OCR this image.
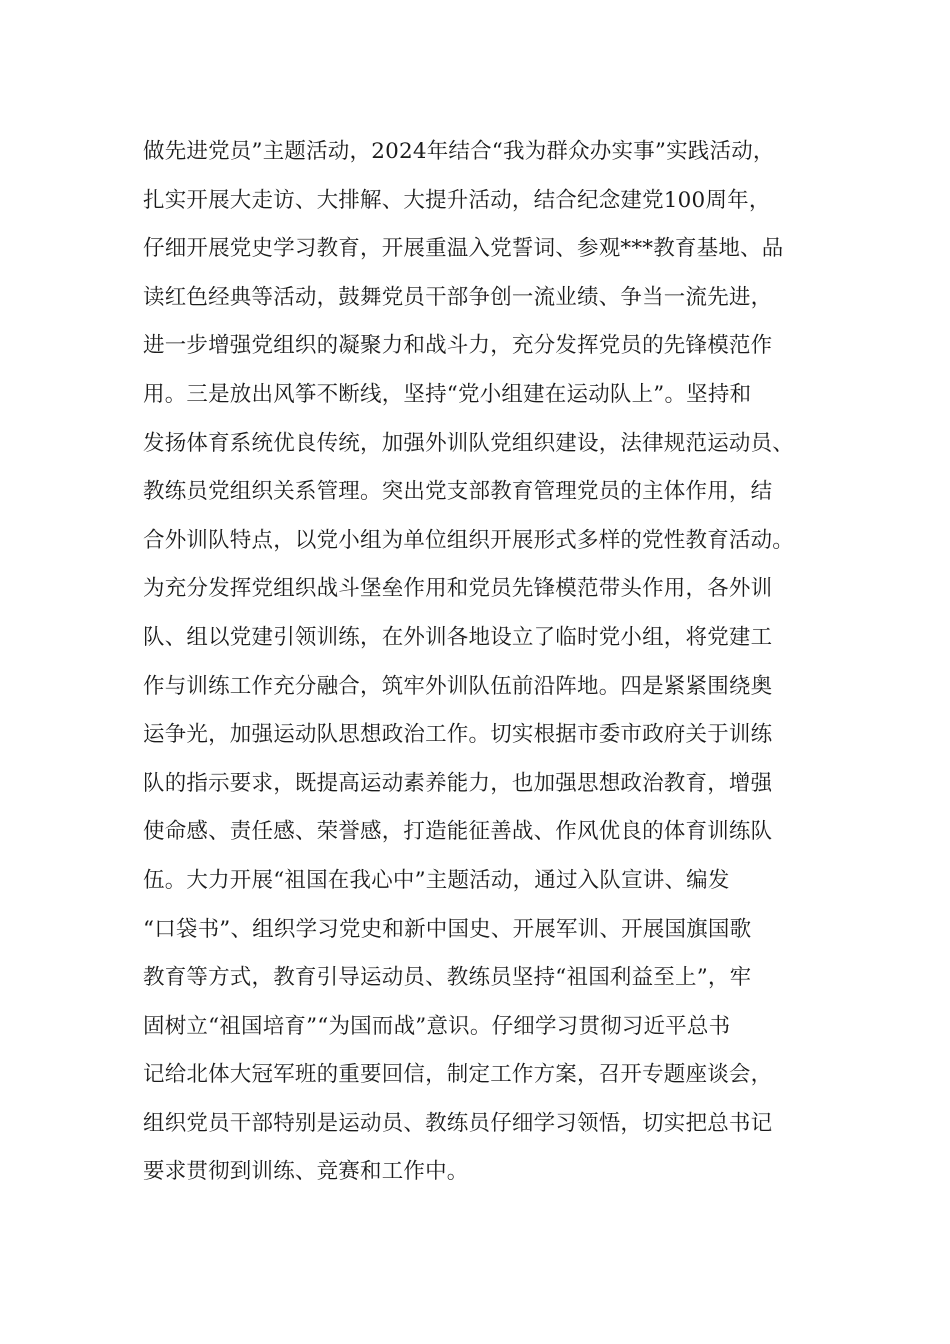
做先进党员”主题活动，2024年结合“我为群众办实事”实践活动，
扎实开展大走访、大排解、大提升活动，结合纪念建党100周年，
仔细开展党史学习教育，开展重温入党誓词、参观***教育基地、品
读红色经典等活动，鼓舞党员干部争创一流业绩、争当一流先进，
进一步增强党组织的凝聚力和战斗力，充分发挥党员的先锋模范作
用。三是放出风筝不断线，坚持“党小组建在运动队上”。坚持和
发扬体育系统优良传统，加强外训队党组织建设，法律规范运动员、
教练员党组织关系管理。突出党支部教育管理党员的主体作用，结
合外训队特点，以党小组为单位组织开展形式多样的党性教育活动。
为充分发挥党组织战斗堡垒作用和党员先锋模范带头作用，各外训
队、组以党建引领训练，在外训各地设立了临时党小组，将党建工
作与训练工作充分融合，筑牢外训队伍前沿阵地。四是紧紧围绕奥
运争光，加强运动队思想政治工作。切实根据市委市政府关于训练
队的指示要求，既提高运动素养能力，也加强思想政治教育，增强
使命感、责任感、荣誉感，打造能征善战、作风优良的体育训练队
伍。大力开展“祖国在我心中”主题活动，通过入队宣讲、编发
“口袋书”、组织学习党史和新中国史、开展军训、开展国旗国歌
教育等方式，教育引导运动员、教练员坚持“祖国利益至上”，牢
固树立“祖国培育”“为国而战”意识。仔细学习贯彻习近平总书
记给北体大冠军班的重要回信，制定工作方案，召开专题座谈会，
组织党员干部特别是运动员、教练员仔细学习领悟，切实把总书记
要求贯彻到训练、竞赛和工作中。
